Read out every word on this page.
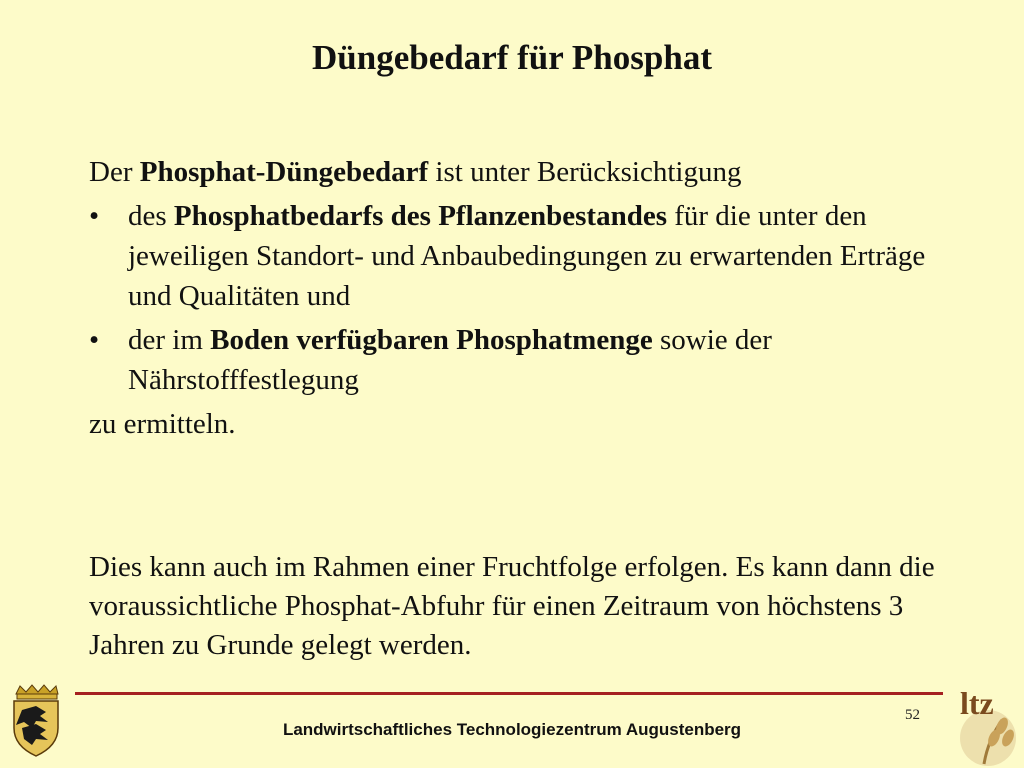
Düngebedarf für Phosphat

Der Phosphat-Düngebedarf ist unter Berücksichtigung

• des Phosphatbedarfs des Pflanzenbestandes für die unter den jeweiligen Standort- und Anbaubedingungen zu erwartenden Erträge und Qualitäten und

• der im Boden verfügbaren Phosphatmenge sowie der Nährstofffestlegung

zu ermitteln.

Dies kann auch im Rahmen einer Fruchtfolge erfolgen. Es kann dann die voraussichtliche Phosphat-Abfuhr für einen Zeitraum von höchstens 3 Jahren zu Grunde gelegt werden.

ltz
Landwirtschaftliches Technologiezentrum Augustenberg
52
